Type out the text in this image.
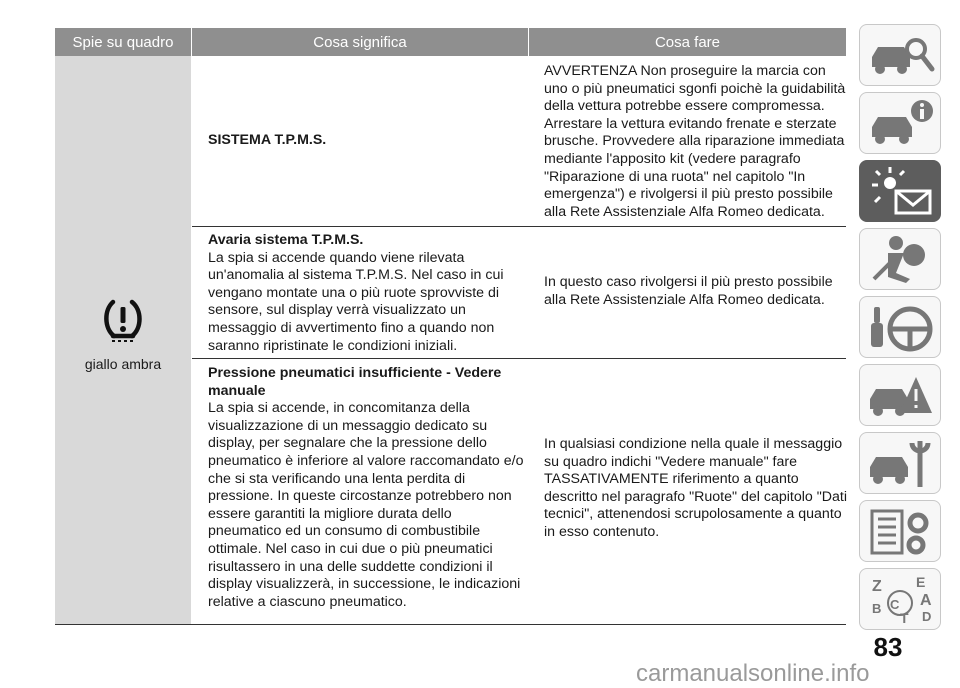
Spie su quadro	Cosa significa	Cosa fare
giallo ambra
SISTEMA T.P.M.S.
AVVERTENZA Non proseguire la marcia con uno o più pneumatici sgonfi poichè la guidabilità della vettura potrebbe essere compromessa. Arrestare la vettura evitando frenate e sterzate brusche. Provvedere alla riparazione immediata mediante l'apposito kit (vedere paragrafo "Riparazione di una ruota" nel capitolo "In emergenza") e rivolgersi il più presto possibile alla Rete Assistenziale Alfa Romeo dedicata.
Avaria sistema T.P.M.S.
La spia si accende quando viene rilevata un'anomalia al sistema T.P.M.S. Nel caso in cui vengano montate una o più ruote sprovviste di sensore, sul display verrà visualizzato un messaggio di avvertimento fino a quando non saranno ripristinate le condizioni iniziali.
In questo caso rivolgersi il più presto possibile alla Rete Assistenziale Alfa Romeo dedicata.
Pressione pneumatici insufficiente - Vedere manuale
La spia si accende, in concomitanza della visualizzazione di un messaggio dedicato su display, per segnalare che la pressione dello pneumatico è inferiore al valore raccomandato e/o che si sta verificando una lenta perdita di pressione. In queste circostanze potrebbero non essere garantiti la migliore durata dello pneumatico ed un consumo di combustibile ottimale. Nel caso in cui due o più pneumatici risultassero in una delle suddette condizioni il display visualizzerà, in successione, le indicazioni relative a ciascuno pneumatico.
In qualsiasi condizione nella quale il messaggio su quadro indichi "Vedere manuale" fare TASSATIVAMENTE riferimento a quanto descritto nel paragrafo "Ruote" del capitolo "Dati tecnici", attenendosi scrupolosamente a quanto in esso contenuto.
Z E
A
B C
T D
83
carmanualsonline.info
